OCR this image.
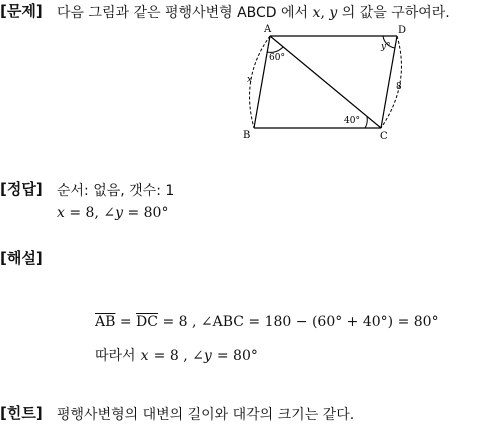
[문제] 다음 그림과 같은 평행사변형 ABCD 에서 x, y 의 값을 구하여라.
A	D
B	C
60°
40°
y°
x
8
[정답] 순서: 없음, 갯수: 1
x = 8, ∠y = 80°
[해설]
$\overline{AB} = \overline{DC} = 8$ , ∠ABC = 180 − (60° + 40°) = 80°
따라서 x = 8 , ∠y = 80°
[힌트] 평행사변형의 대변의 길이와 대각의 크기는 같다.
